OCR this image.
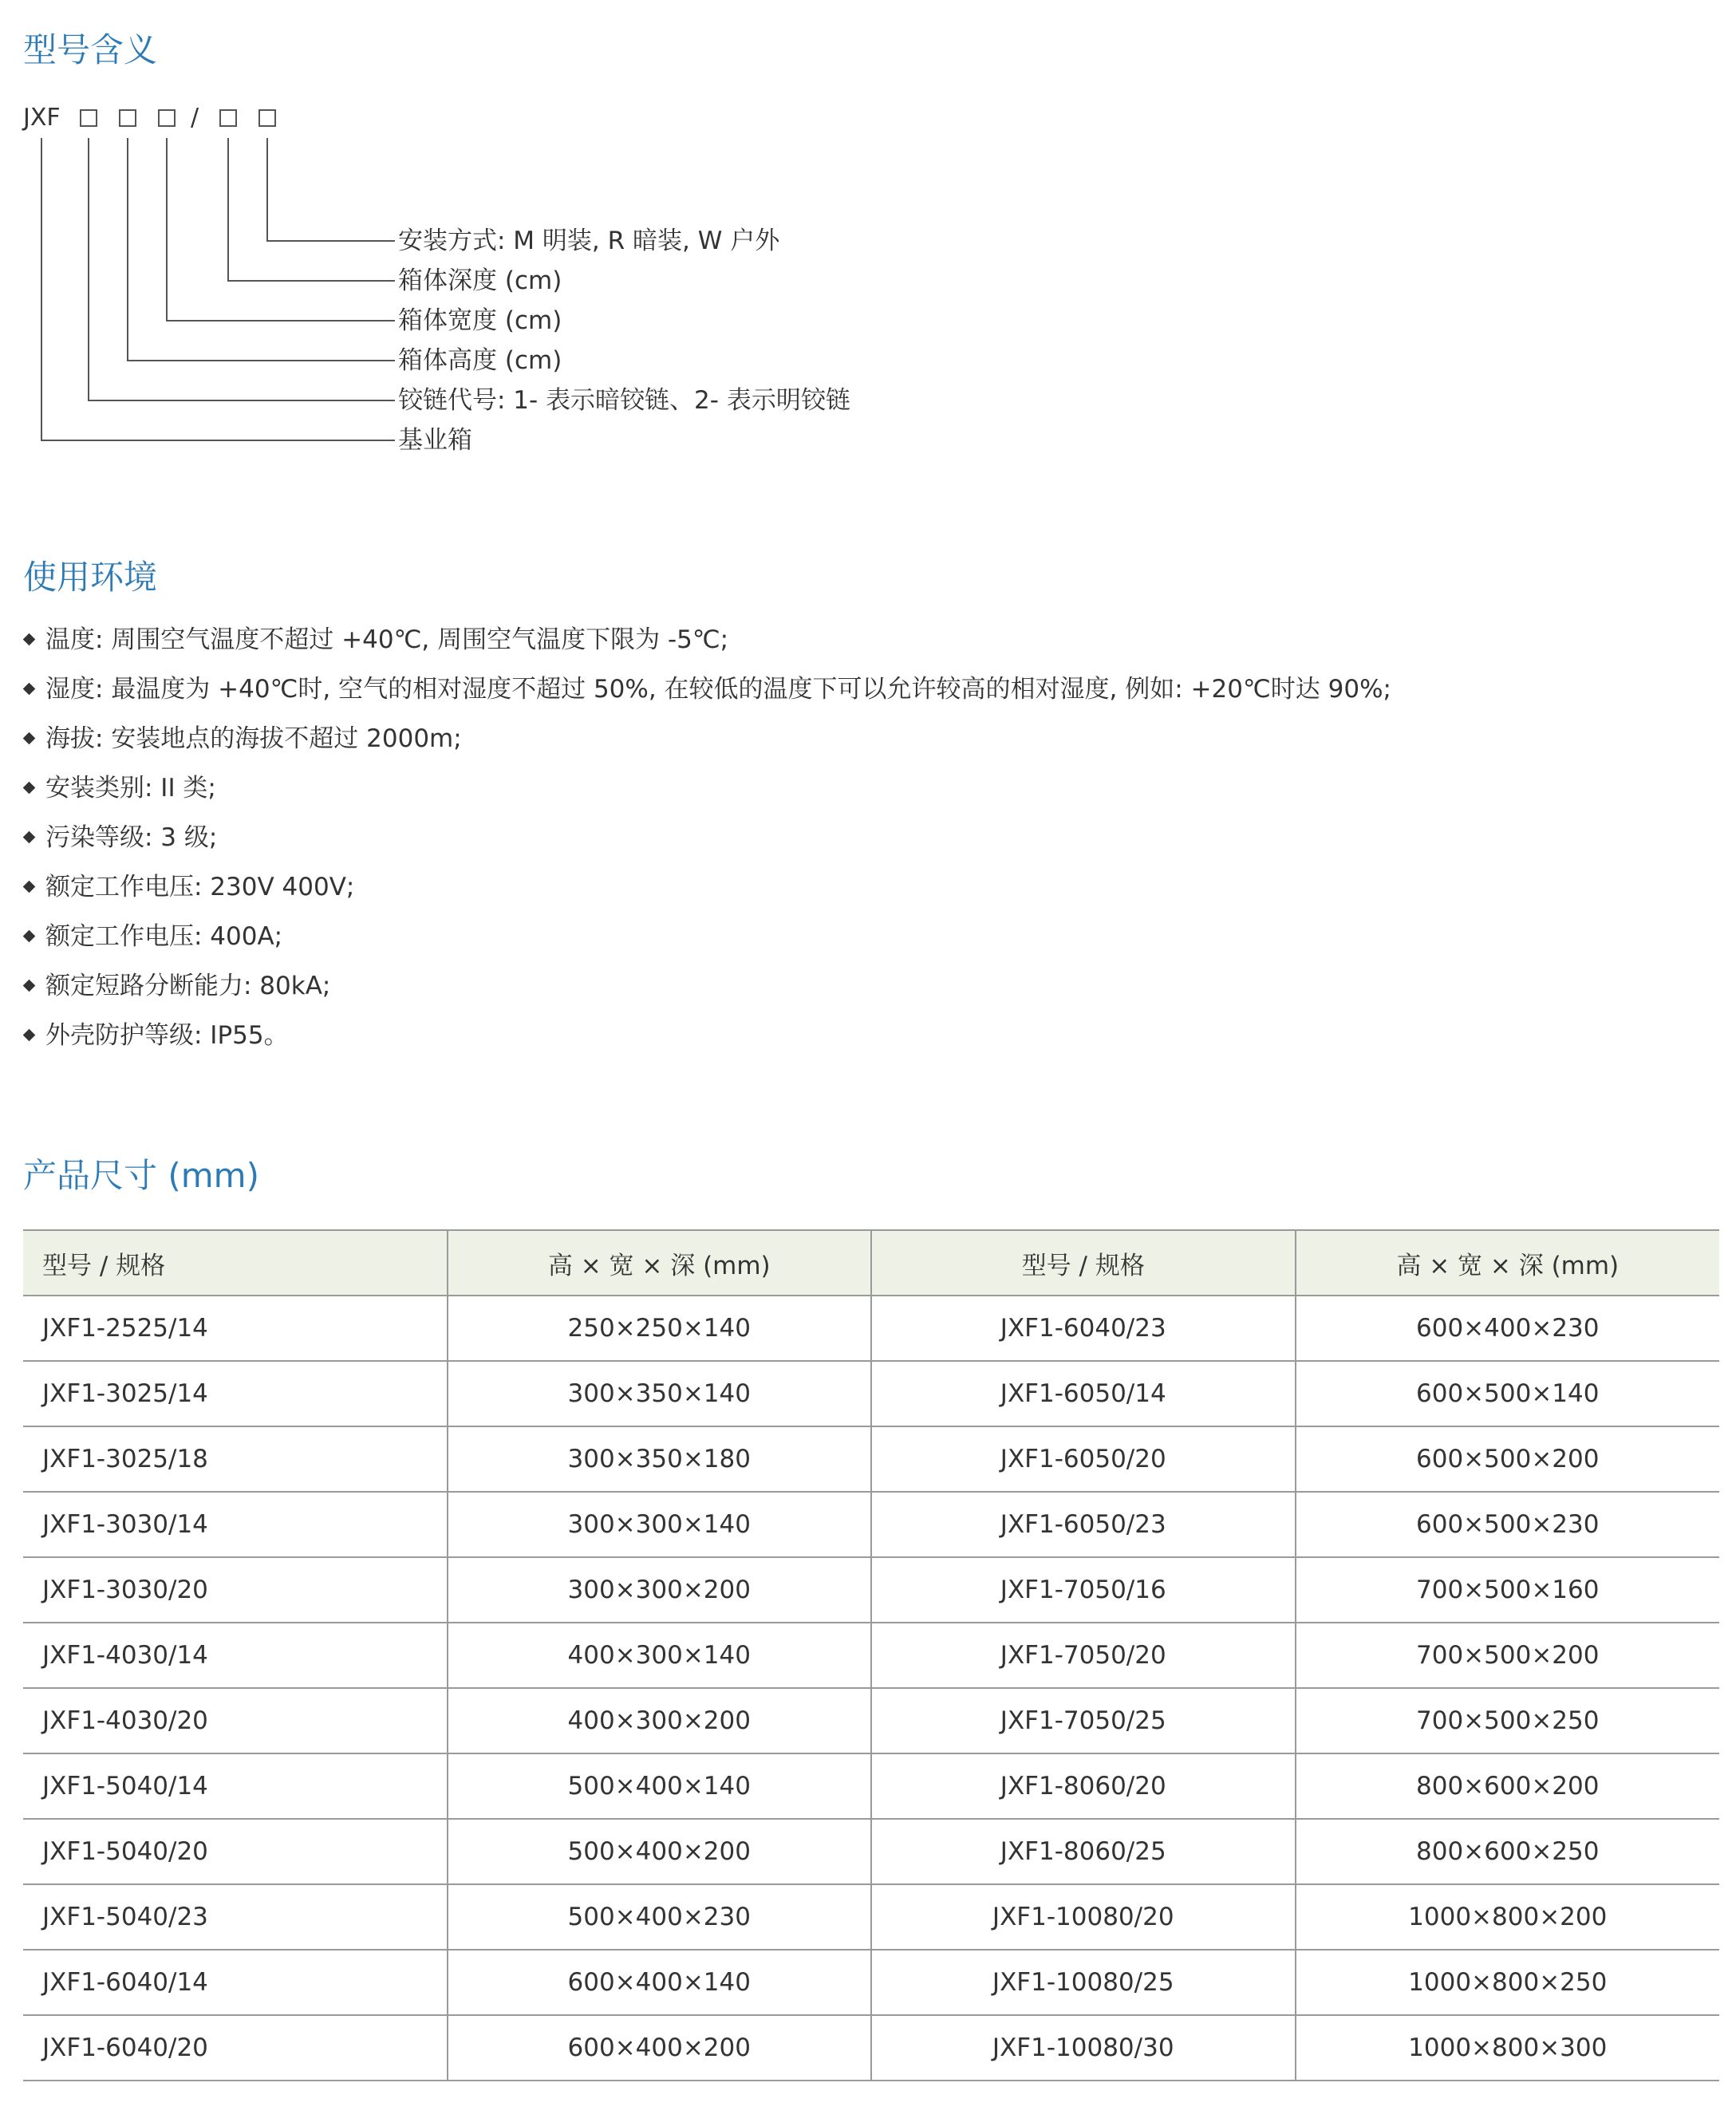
型号含义
JXF	/
安装方式: M 明装, R 暗装, W 户外
箱体深度 (cm)
箱体宽度 (cm)
箱体高度 (cm)
铰链代号: 1- 表示暗铰链、2- 表示明铰链
基业箱
使用环境
温度: 周围空气温度不超过 +40℃, 周围空气温度下限为 -5℃;
湿度: 最温度为 +40℃时, 空气的相对湿度不超过 50%, 在较低的温度下可以允许较高的相对湿度, 例如: +20℃时达 90%;
海拔: 安装地点的海拔不超过 2000m;
安装类别: II 类;
污染等级: 3 级;
额定工作电压: 230V 400V;
额定工作电压: 400A;
额定短路分断能力: 80kA;
外壳防护等级: IP55。
产品尺寸 (mm)
型号 / 规格	高 × 宽 × 深 (mm)	型号 / 规格	高 × 宽 × 深 (mm)
JXF1-2525/14	250×250×140	JXF1-6040/23	600×400×230
JXF1-3025/14	300×350×140	JXF1-6050/14	600×500×140
JXF1-3025/18	300×350×180	JXF1-6050/20	600×500×200
JXF1-3030/14	300×300×140	JXF1-6050/23	600×500×230
JXF1-3030/20	300×300×200	JXF1-7050/16	700×500×160
JXF1-4030/14	400×300×140	JXF1-7050/20	700×500×200
JXF1-4030/20	400×300×200	JXF1-7050/25	700×500×250
JXF1-5040/14	500×400×140	JXF1-8060/20	800×600×200
JXF1-5040/20	500×400×200	JXF1-8060/25	800×600×250
JXF1-5040/23	500×400×230	JXF1-10080/20	1000×800×200
JXF1-6040/14	600×400×140	JXF1-10080/25	1000×800×250
JXF1-6040/20	600×400×200	JXF1-10080/30	1000×800×300
